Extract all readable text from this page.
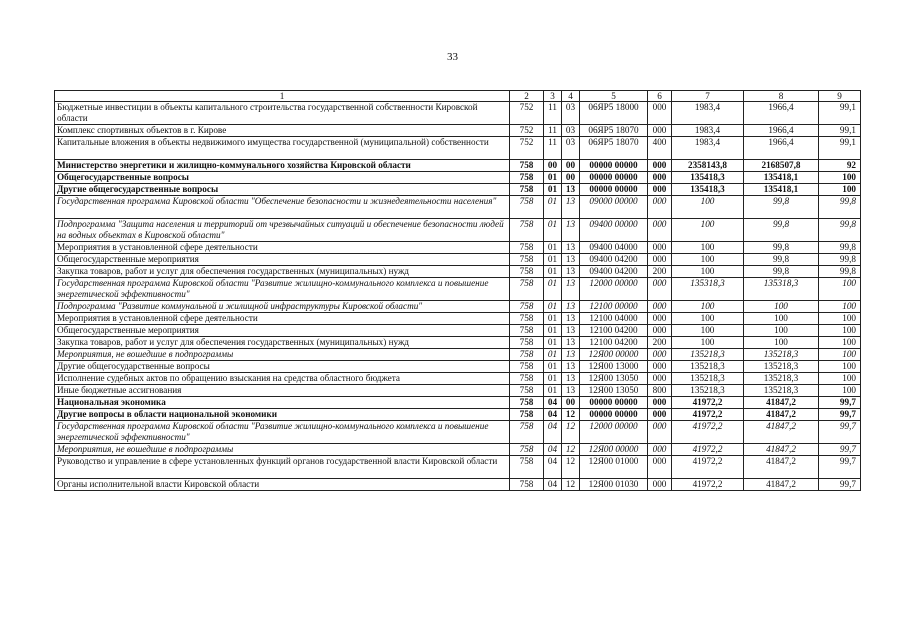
33
1	2	3	4	5	6	7	8	9
Бюджетные инвестиции в объекты капитального строительства государственной собственности Кировской области	752	11	03	06ЯР5 18000	000	1983,4	1966,4	99,1
Комплекс спортивных объектов в г. Кирове	752	11	03	06ЯР5 18070	000	1983,4	1966,4	99,1
Капитальные вложения в объекты недвижимого имущества государственной (муниципальной) собственности	752	11	03	06ЯР5 18070	400	1983,4	1966,4	99,1
Министерство энергетики и жилищно-коммунального хозяйства Кировской области	758	00	00	00000 00000	000	2358143,8	2168507,8	92
Общегосударственные вопросы	758	01	00	00000 00000	000	135418,3	135418,1	100
Другие общегосударственные вопросы	758	01	13	00000 00000	000	135418,3	135418,1	100
Государственная программа Кировской области "Обеспечение безопасности и жизнедеятельности населения"	758	01	13	09000 00000	000	100	99,8	99,8
Подпрограмма "Защита населения и территорий от чрезвычайных ситуаций и обеспечение безопасности людей на водных объектах в Кировской области"	758	01	13	09400 00000	000	100	99,8	99,8
Мероприятия в установленной сфере деятельности	758	01	13	09400 04000	000	100	99,8	99,8
Общегосударственные мероприятия	758	01	13	09400 04200	000	100	99,8	99,8
Закупка товаров, работ и услуг для обеспечения государственных (муниципальных) нужд	758	01	13	09400 04200	200	100	99,8	99,8
Государственная программа Кировской области "Развитие жилищно-коммунального комплекса и повышение энергетической эффективности"	758	01	13	12000 00000	000	135318,3	135318,3	100
Подпрограмма "Развитие коммунальной и жилищной инфраструктуры Кировской области"	758	01	13	12100 00000	000	100	100	100
Мероприятия в установленной сфере деятельности	758	01	13	12100 04000	000	100	100	100
Общегосударственные мероприятия	758	01	13	12100 04200	000	100	100	100
Закупка товаров, работ и услуг для обеспечения государственных (муниципальных) нужд	758	01	13	12100 04200	200	100	100	100
Мероприятия, не вошедшие в подпрограммы	758	01	13	12Я00 00000	000	135218,3	135218,3	100
Другие общегосударственные вопросы	758	01	13	12Я00 13000	000	135218,3	135218,3	100
Исполнение судебных актов по обращению взыскания на средства областного бюджета	758	01	13	12Я00 13050	000	135218,3	135218,3	100
Иные бюджетные ассигнования	758	01	13	12Я00 13050	800	135218,3	135218,3	100
Национальная экономика	758	04	00	00000 00000	000	41972,2	41847,2	99,7
Другие вопросы в области национальной экономики	758	04	12	00000 00000	000	41972,2	41847,2	99,7
Государственная программа Кировской области "Развитие жилищно-коммунального комплекса и повышение энергетической эффективности"	758	04	12	12000 00000	000	41972,2	41847,2	99,7
Мероприятия, не вошедшие в подпрограммы	758	04	12	12Я00 00000	000	41972,2	41847,2	99,7
Руководство и управление в сфере установленных функций органов государственной власти Кировской области	758	04	12	12Я00 01000	000	41972,2	41847,2	99,7
Органы исполнительной власти Кировской области	758	04	12	12Я00 01030	000	41972,2	41847,2	99,7
